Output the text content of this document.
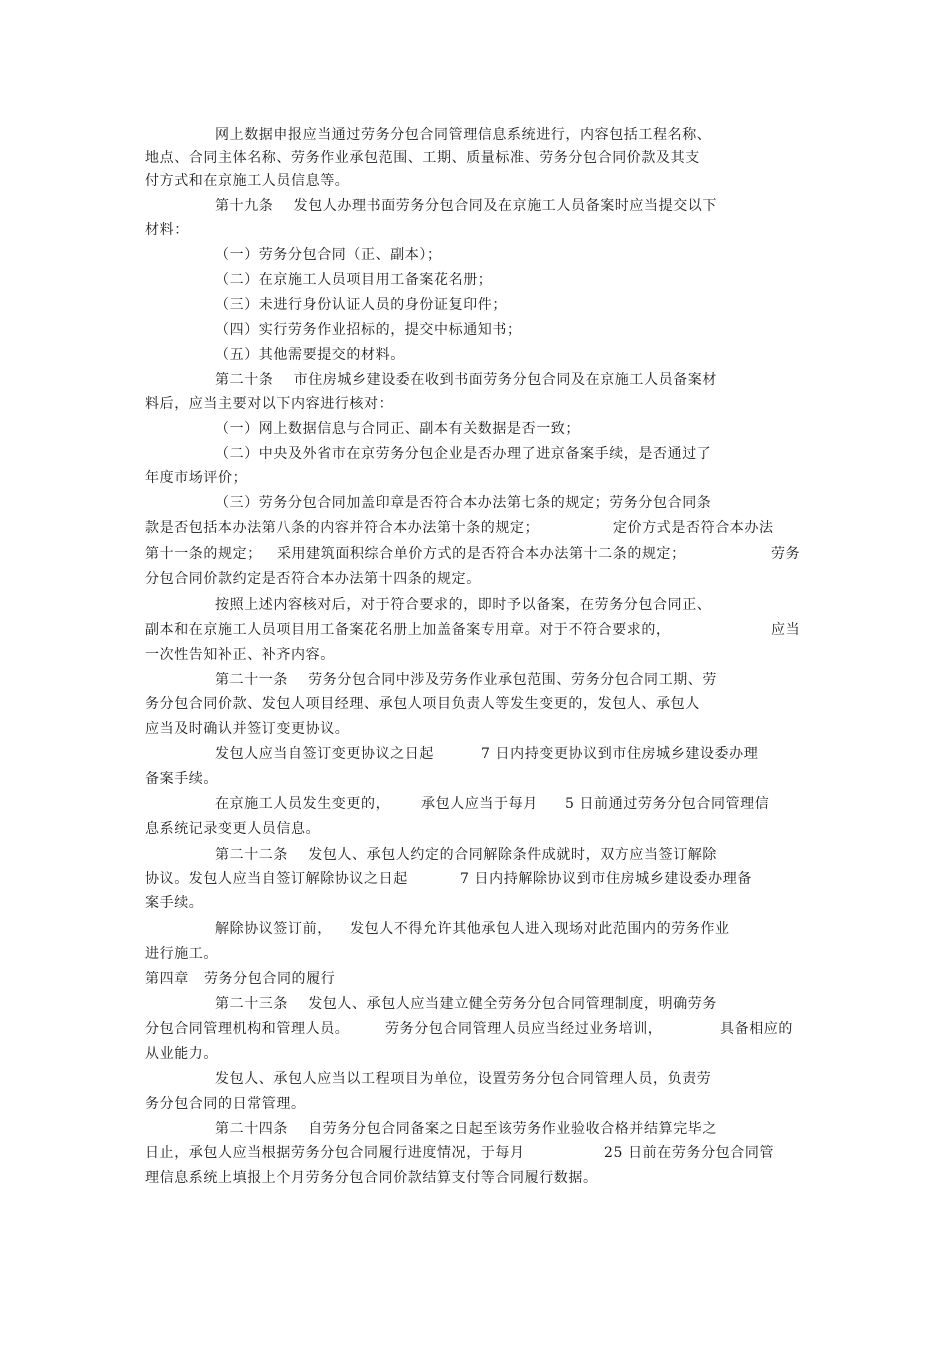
网上数据申报应当通过劳务分包合同管理信息系统进行，内容包括工程名称、
地点、合同主体名称、劳务作业承包范围、工期、质量标准、劳务分包合同价款及其支
付方式和在京施工人员信息等。
第十九条    发包人办理书面劳务分包合同及在京施工人员备案时应当提交以下
材料：
（一）劳务分包合同（正、副本）；
（二）在京施工人员项目用工备案花名册；
（三）未进行身份认证人员的身份证复印件；
（四）实行劳务作业招标的，提交中标通知书；
（五）其他需要提交的材料。
第二十条    市住房城乡建设委在收到书面劳务分包合同及在京施工人员备案材
料后，应当主要对以下内容进行核对：
（一）网上数据信息与合同正、副本有关数据是否一致；
（二）中央及外省市在京劳务分包企业是否办理了进京备案手续，是否通过了
年度市场评价；
（三）劳务分包合同加盖印章是否符合本办法第七条的规定；劳务分包合同条
款是否包括本办法第八条的内容并符合本办法第十条的规定；	定价方式是否符合本办法
第十一条的规定；   采用建筑面积综合单价方式的是否符合本办法第十二条的规定；	劳务
分包合同价款约定是否符合本办法第十四条的规定。
按照上述内容核对后，对于符合要求的，即时予以备案，在劳务分包合同正、
副本和在京施工人员项目用工备案花名册上加盖备案专用章。对于不符合要求的，	应当
一次性告知补正、补齐内容。
第二十一条    劳务分包合同中涉及劳务作业承包范围、劳务分包合同工期、劳
务分包合同价款、发包人项目经理、承包人项目负责人等发生变更的，发包人、承包人
应当及时确认并签订变更协议。
发包人应当自签订变更协议之日起	7 日内持变更协议到市住房城乡建设委办理
备案手续。
在京施工人员发生变更的， 承包人应当于每月 5 日前通过劳务分包合同管理信
息系统记录变更人员信息。
第二十二条    发包人、承包人约定的合同解除条件成就时，双方应当签订解除
协议。发包人应当自签订解除协议之日起	7 日内持解除协议到市住房城乡建设委办理备
案手续。
解除协议签订前， 发包人不得允许其他承包人进入现场对此范围内的劳务作业
进行施工。
第四章   劳务分包合同的履行
第二十三条    发包人、承包人应当建立健全劳务分包合同管理制度，明确劳务
分包合同管理机构和管理人员。	劳务分包合同管理人员应当经过业务培训，	具备相应的
从业能力。
发包人、承包人应当以工程项目为单位，设置劳务分包合同管理人员，负责劳
务分包合同的日常管理。
第二十四条    自劳务分包合同备案之日起至该劳务作业验收合格并结算完毕之
日止，承包人应当根据劳务分包合同履行进度情况，于每月	25 日前在劳务分包合同管
理信息系统上填报上个月劳务分包合同价款结算支付等合同履行数据。
